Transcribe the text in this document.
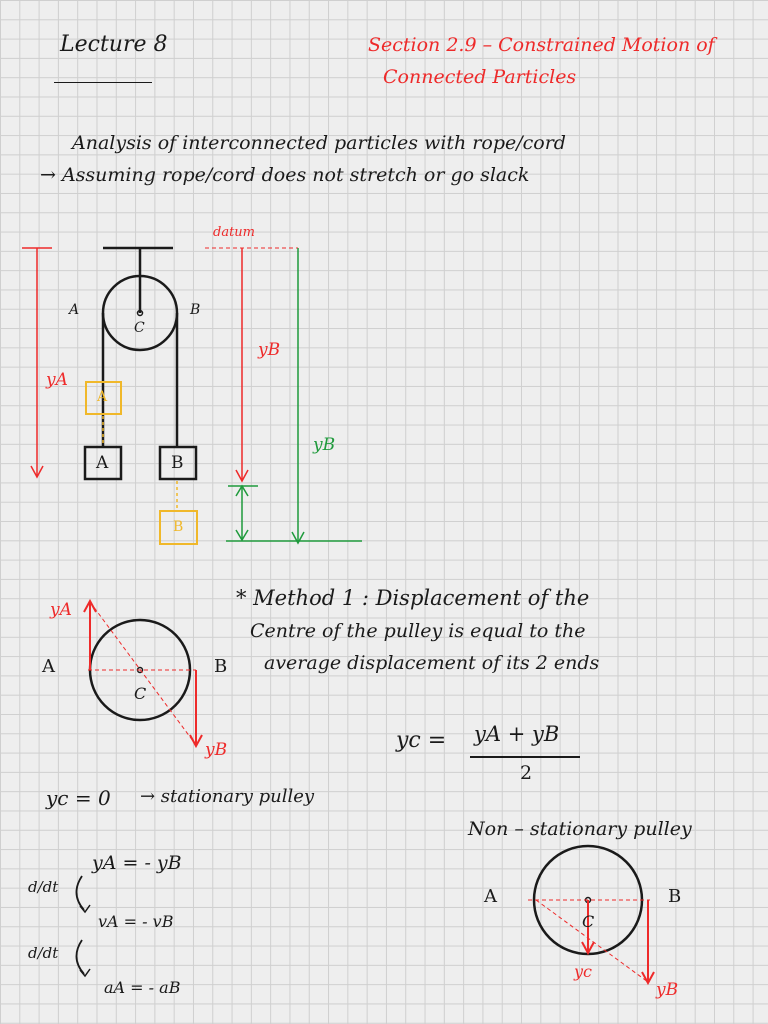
Lecture 8	Section 2.9 – Constrained Motion of
Connected Particles
Analysis of interconnected particles with rope/cord
→ Assuming rope/cord does not stretch or go slack
datum
A	B
C
yA
yB
yB
A	B
A
B
* Method 1 : Displacement of the
Centre of the pulley is equal to the
average displacement of its 2 ends
yA
yB
A	B
C
yc = yA + yB
2
yc = 0 → stationary pulley
yA = - yB
vA = - vB
aA = - aB
d/dt
d/dt
Non – stationary pulley
A	B
C
yc
yB
